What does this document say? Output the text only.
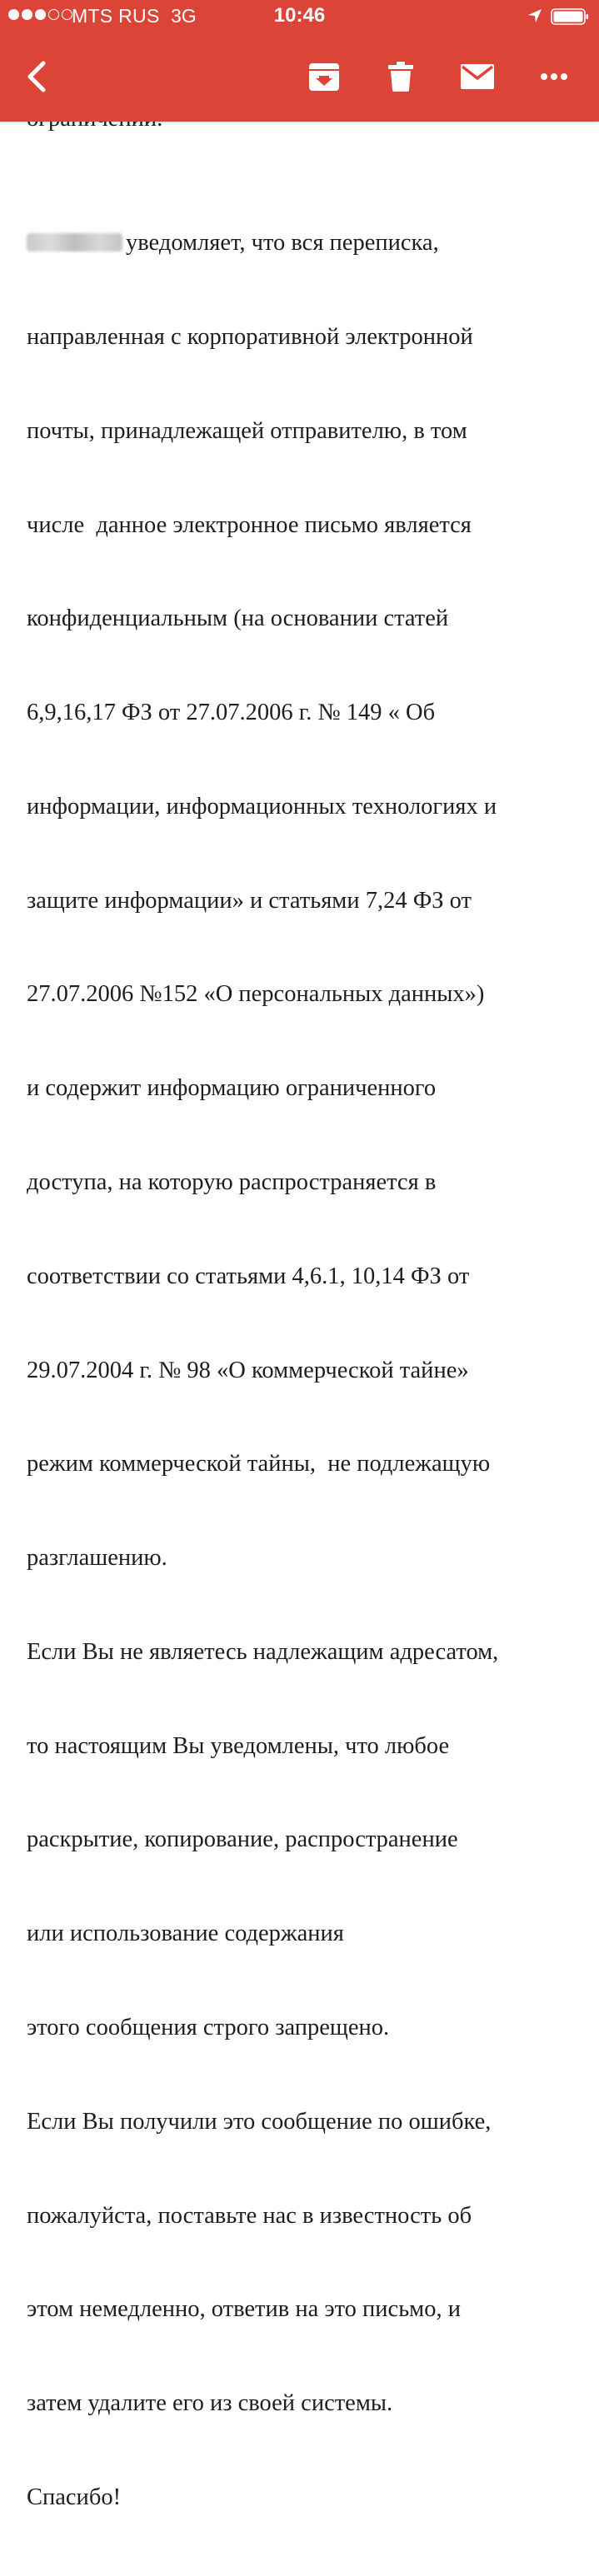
MTS RUS 3G	10:46

уведомляет, что вся переписка,

направленная с корпоративной электронной

почты, принадлежащей отправителю, в том

числе  данное электронное письмо является

конфиденциальным (на основании статей

6,9,16,17 ФЗ от 27.07.2006 г. № 149 « Об

информации, информационных технологиях и

защите информации» и статьями 7,24 ФЗ от

27.07.2006 №152 «О персональных данных»)

и содержит информацию ограниченного

доступа, на которую распространяется в

соответствии со статьями 4,6.1, 10,14 ФЗ от

29.07.2004 г. № 98 «О коммерческой тайне»

режим коммерческой тайны,  не подлежащую

разглашению.

Если Вы не являетесь надлежащим адресатом,

то настоящим Вы уведомлены, что любое

раскрытие, копирование, распространение

или использование содержания

этого сообщения строго запрещено.

Если Вы получили это сообщение по ошибке,

пожалуйста, поставьте нас в известность об

этом немедленно, ответив на это письмо, и

затем удалите его из своей системы.

Спасибо!
